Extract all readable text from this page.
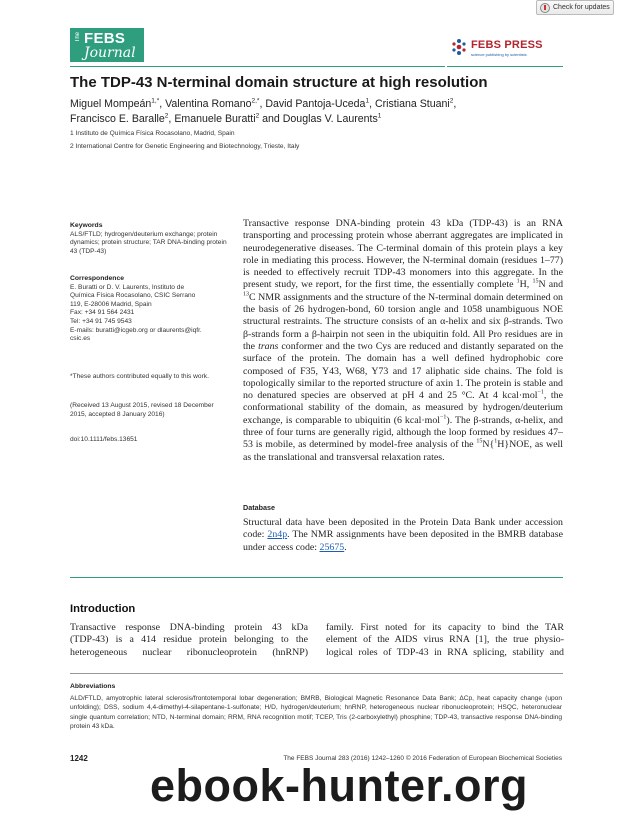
Check for updates
The FEBS
Journal	FEBS PRESS
science publishing by scientists
The TDP-43 N-terminal domain structure at high resolution
Miguel Mompeán$^{1,*}$, Valentina Romano$^{2,*}$, David Pantoja-Uceda$^1$, Cristiana Stuani$^2$,
Francisco E. Baralle$^2$, Emanuele Buratti$^2$ and Douglas V. Laurents$^1$
1 Instituto de Química Física Rocasolano, Madrid, Spain
2 International Centre for Genetic Engineering and Biotechnology, Trieste, Italy
Keywords
ALS/FTLD; hydrogen/deuterium exchange; protein dynamics; protein structure; TAR DNA-binding protein 43 (TDP-43)
Correspondence
E. Buratti or D. V. Laurents, Instituto de
Química Física Rocasolano, CSIC Serrano
119, E-28006 Madrid, Spain
Fax: +34 91 564 2431
Tel: +34 91 745 9543
E-mails: buratti@icgeb.org or dlaurents@iqfr.
csic.es
*These authors contributed equally to this work.
(Received 13 August 2015, revised 18 December 2015, accepted 8 January 2016)
doi:10.1111/febs.13651
Transactive response DNA-binding protein 43 kDa (TDP-43) is an RNA transporting and processing protein whose aberrant aggregates are implicated in neurodegenerative diseases. The C-terminal domain of this protein plays a key role in mediating this process. However, the N-terminal domain (residues 1–77) is needed to effectively recruit TDP-43 monomers into this aggregate. In the present study, we report, for the first time, the essentially complete $^1$H, $^{15}$N and $^{13}$C NMR assignments and the structure of the N-terminal domain determined on the basis of 26 hydrogen-bond, 60 torsion angle and 1058 unambiguous NOE structural restraints. The structure consists of an α-helix and six β-strands. Two β-strands form a β-hairpin not seen in the ubiquitin fold. All Pro residues are in the trans conformer and the two Cys are reduced and distantly separated on the surface of the protein. The domain has a well defined hydrophobic core composed of F35, Y43, W68, Y73 and 17 aliphatic side chains. The fold is topologically similar to the reported structure of axin 1. The protein is stable and no denatured species are observed at pH 4 and 25 °C. At 4 kcal·mol$^{-1}$, the conformational stability of the domain, as measured by hydrogen/deuterium exchange, is comparable to ubiquitin (6 kcal·mol$^{-1}$). The β-strands, α-helix, and three of four turns are generally rigid, although the loop formed by residues 47–53 is mobile, as determined by model-free analysis of the $^{15}$N{$^1$H}NOE, as well as the translational and transversal relaxation rates.
Database
Structural data have been deposited in the Protein Data Bank under accession code: 2n4p. The NMR assignments have been deposited in the BMRB database under access code: 25675.
Introduction
Transactive response DNA-binding protein 43 kDa
(TDP-43) is a 414 residue protein belonging to the
heterogeneous nuclear ribonucleoprotein (hnRNP)
family. First noted for its capacity to bind the TAR
element of the AIDS virus RNA [1], the true physio-
logical roles of TDP-43 in RNA splicing, stability and
Abbreviations
ALD/FTLD, amyotrophic lateral sclerosis/frontotemporal lobar degeneration; BMRB, Biological Magnetic Resonance Data Bank; ΔCp, heat capacity change (upon unfolding); DSS, sodium 4,4-dimethyl-4-silapentane-1-sulfonate; H/D, hydrogen/deuterium; hnRNP, heterogeneous nuclear ribonucleoprotein; HSQC, heteronuclear single quantum correlation; NTD, N-terminal domain; RRM, RNA recognition motif; TCEP, Tris (2-carboxylethyl) phosphine; TDP-43, transactive response DNA-binding protein 43 kDa.
1242	The FEBS Journal 283 (2016) 1242–1260 © 2016 Federation of European Biochemical Societies
ebook-hunter.org
